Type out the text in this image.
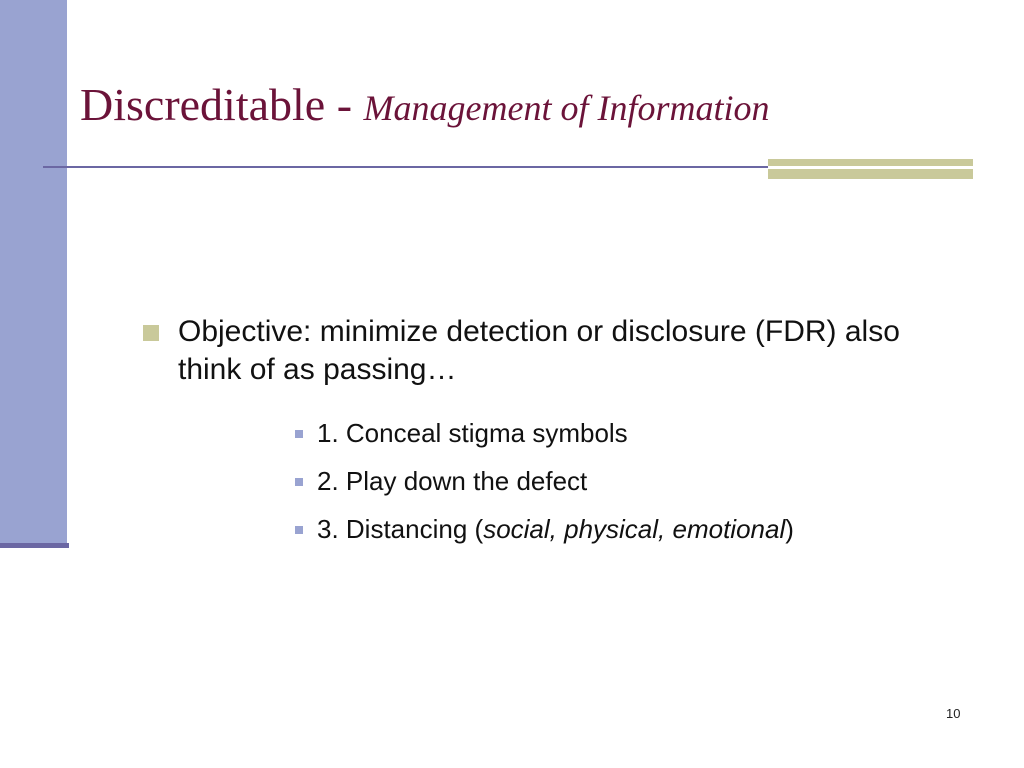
Discreditable - Management of Information
Objective: minimize detection or disclosure (FDR) also think of as passing…
1. Conceal stigma symbols
2. Play down the defect
3. Distancing (social, physical, emotional)
10
